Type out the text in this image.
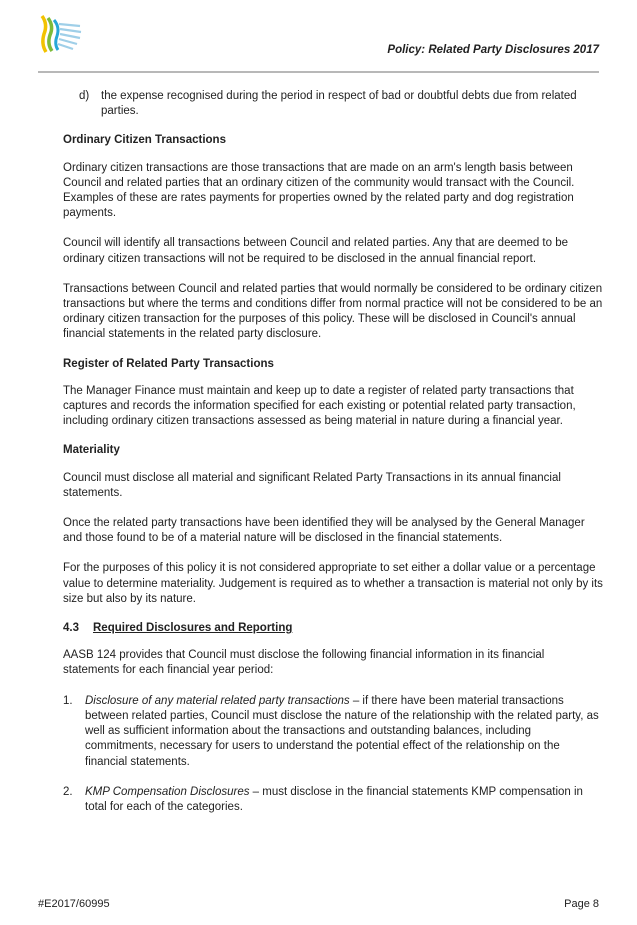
Policy: Related Party Disclosures 2017
d)	the expense recognised during the period in respect of bad or doubtful debts due from related parties.
Ordinary Citizen Transactions

Ordinary citizen transactions are those transactions that are made on an arm's length basis between Council and related parties that an ordinary citizen of the community would transact with the Council. Examples of these are rates payments for properties owned by the related party and dog registration payments.

Council will identify all transactions between Council and related parties. Any that are deemed to be ordinary citizen transactions will not be required to be disclosed in the annual financial report.

Transactions between Council and related parties that would normally be considered to be ordinary citizen transactions but where the terms and conditions differ from normal practice will not be considered to be an ordinary citizen transaction for the purposes of this policy. These will be disclosed in Council's annual financial statements in the related party disclosure.

Register of Related Party Transactions

The Manager Finance must maintain and keep up to date a register of related party transactions that captures and records the information specified for each existing or potential related party transaction, including ordinary citizen transactions assessed as being material in nature during a financial year.

Materiality

Council must disclose all material and significant Related Party Transactions in its annual financial statements.

Once the related party transactions have been identified they will be analysed by the General Manager and those found to be of a material nature will be disclosed in the financial statements.

For the purposes of this policy it is not considered appropriate to set either a dollar value or a percentage value to determine materiality. Judgement is required as to whether a transaction is material not only by its size but also by its nature.

4.3 Required Disclosures and Reporting

AASB 124 provides that Council must disclose the following financial information in its financial statements for each financial year period:

1.	Disclosure of any material related party transactions – if there have been material transactions between related parties, Council must disclose the nature of the relationship with the related party, as well as sufficient information about the transactions and outstanding balances, including commitments, necessary for users to understand the potential effect of the relationship on the financial statements.
2.	KMP Compensation Disclosures – must disclose in the financial statements KMP compensation in total for each of the categories.
#E2017/60995	Page 8
